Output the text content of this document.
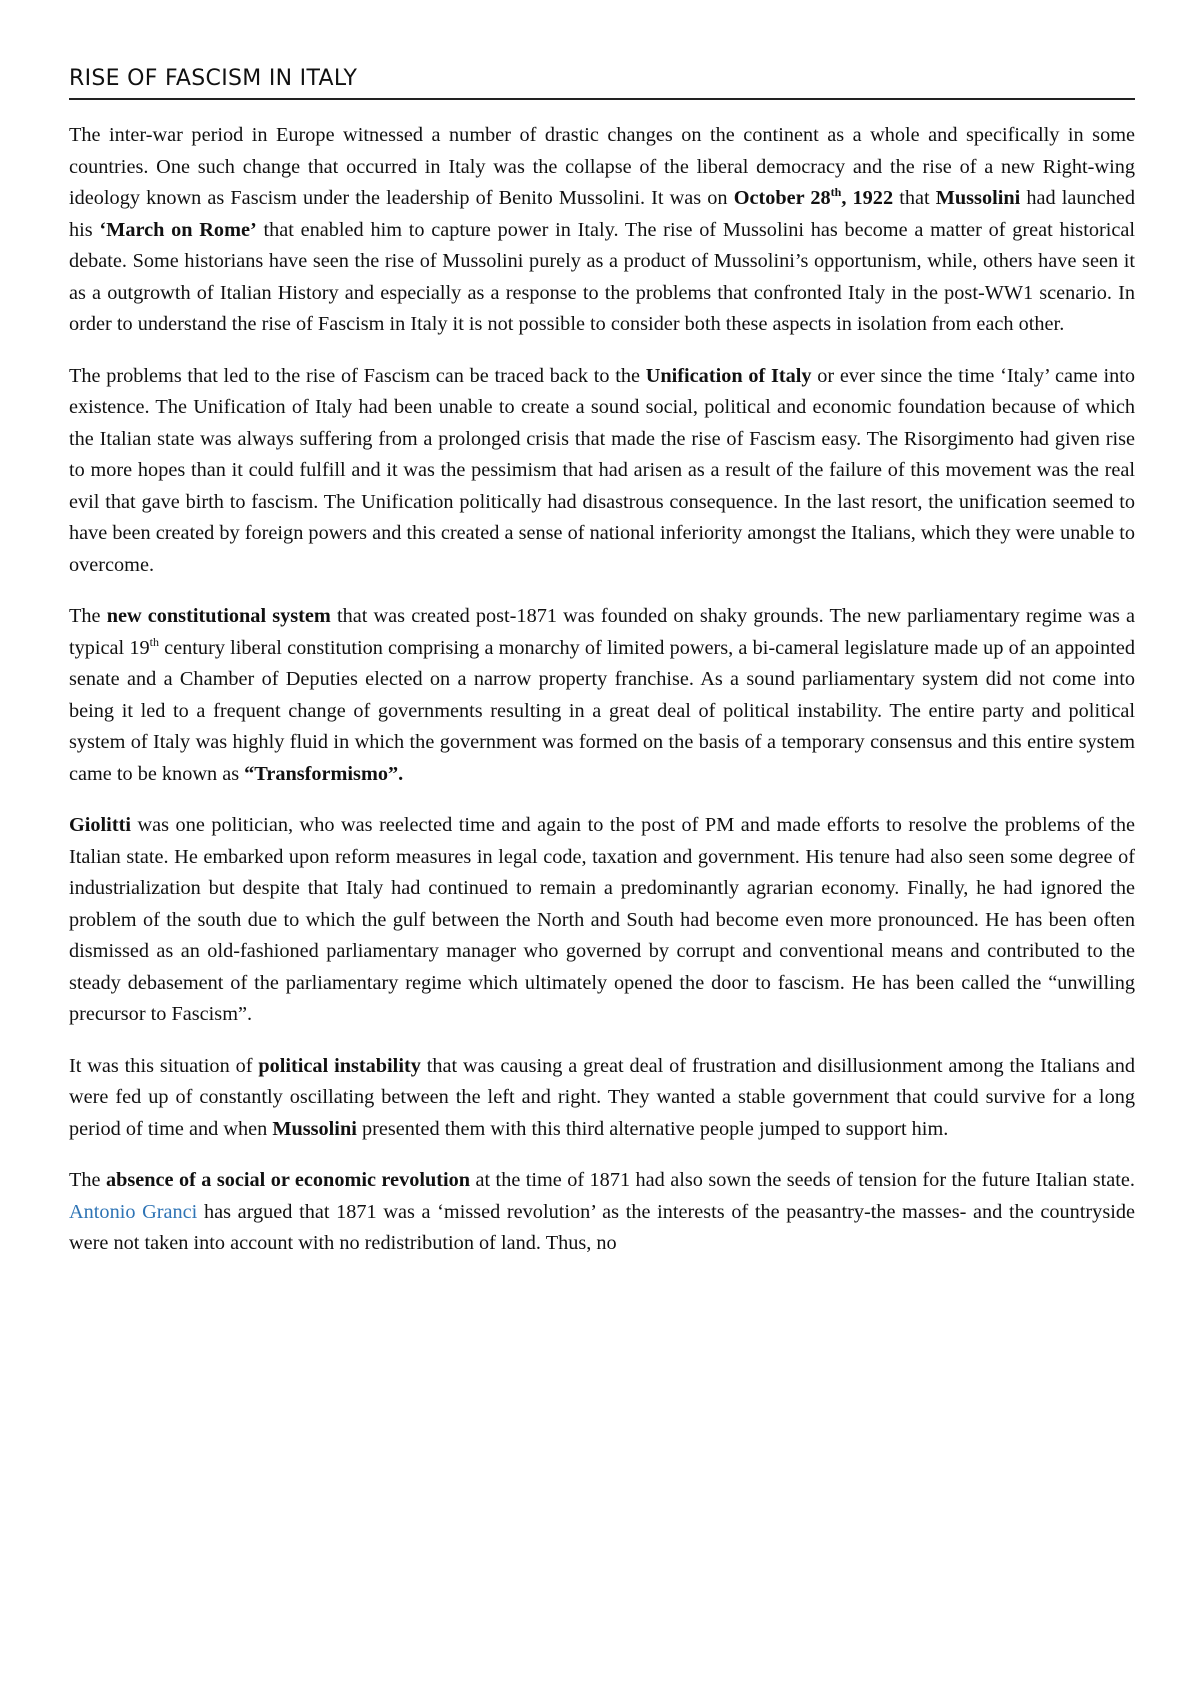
RISE OF FASCISM IN ITALY

The inter-war period in Europe witnessed a number of drastic changes on the continent as a whole and specifically in some countries. One such change that occurred in Italy was the collapse of the liberal democracy and the rise of a new Right-wing ideology known as Fascism under the leadership of Benito Mussolini. It was on October 28th, 1922 that Mussolini had launched his ‘March on Rome’ that enabled him to capture power in Italy. The rise of Mussolini has become a matter of great historical debate. Some historians have seen the rise of Mussolini purely as a product of Mussolini’s opportunism, while, others have seen it as a outgrowth of Italian History and especially as a response to the problems that confronted Italy in the post-WW1 scenario. In order to understand the rise of Fascism in Italy it is not possible to consider both these aspects in isolation from each other.

The problems that led to the rise of Fascism can be traced back to the Unification of Italy or ever since the time ‘Italy’ came into existence. The Unification of Italy had been unable to create a sound social, political and economic foundation because of which the Italian state was always suffering from a prolonged crisis that made the rise of Fascism easy. The Risorgimento had given rise to more hopes than it could fulfill and it was the pessimism that had arisen as a result of the failure of this movement was the real evil that gave birth to fascism. The Unification politically had disastrous consequence. In the last resort, the unification seemed to have been created by foreign powers and this created a sense of national inferiority amongst the Italians, which they were unable to overcome.

The new constitutional system that was created post-1871 was founded on shaky grounds. The new parliamentary regime was a typical 19th century liberal constitution comprising a monarchy of limited powers, a bi-cameral legislature made up of an appointed senate and a Chamber of Deputies elected on a narrow property franchise. As a sound parliamentary system did not come into being it led to a frequent change of governments resulting in a great deal of political instability. The entire party and political system of Italy was highly fluid in which the government was formed on the basis of a temporary consensus and this entire system came to be known as “Transformismo”.

Giolitti was one politician, who was reelected time and again to the post of PM and made efforts to resolve the problems of the Italian state. He embarked upon reform measures in legal code, taxation and government. His tenure had also seen some degree of industrialization but despite that Italy had continued to remain a predominantly agrarian economy. Finally, he had ignored the problem of the south due to which the gulf between the North and South had become even more pronounced. He has been often dismissed as an old-fashioned parliamentary manager who governed by corrupt and conventional means and contributed to the steady debasement of the parliamentary regime which ultimately opened the door to fascism. He has been called the “unwilling precursor to Fascism”.

It was this situation of political instability that was causing a great deal of frustration and disillusionment among the Italians and were fed up of constantly oscillating between the left and right. They wanted a stable government that could survive for a long period of time and when Mussolini presented them with this third alternative people jumped to support him.

The absence of a social or economic revolution at the time of 1871 had also sown the seeds of tension for the future Italian state. Antonio Granci has argued that 1871 was a ‘missed revolution’ as the interests of the peasantry-the masses- and the countryside were not taken into account with no redistribution of land. Thus, no
